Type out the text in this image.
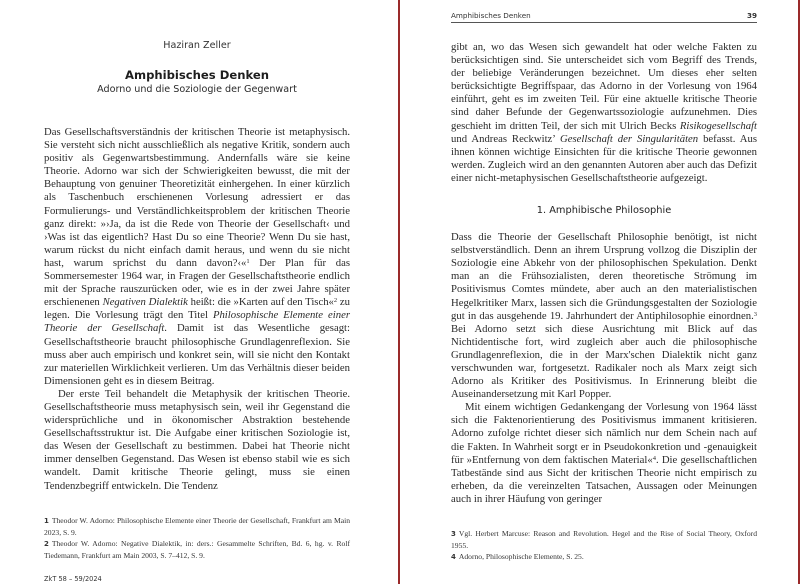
Haziran Zeller
Amphibisches Denken
Adorno und die Soziologie der Gegenwart

Das Gesellschaftsverständnis der kritischen Theorie ist metaphysisch. Sie versteht sich nicht ausschließlich als negative Kritik, sondern auch positiv als Gegenwartsbestimmung. Andernfalls wäre sie keine Theorie. Adorno war sich der Schwierigkeiten bewusst, die mit der Behauptung von genuiner Theoretizität einhergehen. In einer kürzlich als Taschenbuch erschienenen Vorlesung adressiert er das Formulierungs- und Verständlichkeitsproblem der kritischen Theorie ganz direkt: »›Ja, da ist die Rede von Theorie der Gesellschaft‹ und ›Was ist das eigentlich? Hast Du so eine Theorie? Wenn Du sie hast, warum rückst du nicht einfach damit heraus, und wenn du sie nicht hast, warum sprichst du dann davon?‹«$^1$ Der Plan für das Sommersemester 1964 war, in Fragen der Gesellschaftstheorie endlich mit der Sprache rauszurücken oder, wie es in der zwei Jahre später erschienenen Negativen Dialektik heißt: die »Karten auf den Tisch«$^2$ zu legen. Die Vorlesung trägt den Titel Philosophische Elemente einer Theorie der Gesellschaft. Damit ist das Wesentliche gesagt: Gesellschaftstheorie braucht philosophische Grundlagenreflexion. Sie muss aber auch empirisch und konkret sein, will sie nicht den Kontakt zur materiellen Wirklichkeit verlieren. Um das Verhältnis dieser beiden Dimensionen geht es in diesem Beitrag.

Der erste Teil behandelt die Metaphysik der kritischen Theorie. Gesellschaftstheorie muss metaphysisch sein, weil ihr Gegenstand die widersprüchliche und in ökonomischer Abstraktion bestehende Gesellschaftsstruktur ist. Die Aufgabe einer kritischen Soziologie ist, das Wesen der Gesellschaft zu bestimmen. Dabei hat Theorie nicht immer denselben Gegenstand. Das Wesen ist ebenso stabil wie es sich wandelt. Damit kritische Theorie gelingt, muss sie einen Tendenzbegriff entwickeln. Die Tendenz

1 Theodor W. Adorno: Philosophische Elemente einer Theorie der Gesellschaft, Frankfurt am Main 2023, S. 9.

2 Theodor W. Adorno: Negative Dialektik, in: ders.: Gesammelte Schriften, Bd. 6, hg. v. Rolf Tiedemann, Frankfurt am Main 2003, S. 7–412, S. 9.

ZkT 58 – 59/2024
Amphibisches Denken	39

gibt an, wo das Wesen sich gewandelt hat oder welche Fakten zu berücksichtigen sind. Sie unterscheidet sich vom Begriff des Trends, der beliebige Veränderungen bezeichnet. Um dieses eher selten berücksichtigte Begriffspaar, das Adorno in der Vorlesung von 1964 einführt, geht es im zweiten Teil. Für eine aktuelle kritische Theorie sind daher Befunde der Gegenwartssoziologie aufzunehmen. Dies geschieht im dritten Teil, der sich mit Ulrich Becks Risikogesellschaft und Andreas Reckwitz’ Gesellschaft der Singularitäten befasst. Aus ihnen können wichtige Einsichten für die kritische Theorie gewonnen werden. Zugleich wird an den genannten Autoren aber auch das Defizit einer nicht-metaphysischen Gesellschaftstheorie aufgezeigt.

1. Amphibische Philosophie

Dass die Theorie der Gesellschaft Philosophie benötigt, ist nicht selbstverständlich. Denn an ihrem Ursprung vollzog die Disziplin der Soziologie eine Abkehr von der philosophischen Spekulation. Denkt man an die Frühsozialisten, deren theoretische Strömung im Positivismus Comtes mündete, aber auch an den materialistischen Hegelkritiker Marx, lassen sich die Gründungsgestalten der Soziologie gut in das ausgehende 19. Jahrhundert der Antiphilosophie einordnen.$^3$ Bei Adorno setzt sich diese Ausrichtung mit Blick auf das Nichtidentische fort, wird zugleich aber auch die philosophische Grundlagenreflexion, die in der Marx'schen Dialektik nicht ganz verschwunden war, fortgesetzt. Radikaler noch als Marx zeigt sich Adorno als Kritiker des Positivismus. In Erinnerung bleibt die Auseinandersetzung mit Karl Popper.

Mit einem wichtigen Gedankengang der Vorlesung von 1964 lässt sich die Faktenorientierung des Positivismus immanent kritisieren. Adorno zufolge richtet dieser sich nämlich nur dem Schein nach auf die Fakten. In Wahrheit sorgt er in Pseudokonkretion und -genauigkeit für »Entfernung von dem faktischen Material«$^4$. Die gesellschaftlichen Tatbestände sind aus Sicht der kritischen Theorie nicht empirisch zu erheben, da die vereinzelten Tatsachen, Aussagen oder Meinungen auch in ihrer Häufung von geringer

3 Vgl. Herbert Marcuse: Reason and Revolution. Hegel and the Rise of Social Theory, Oxford 1955.

4 Adorno, Philosophische Elemente, S. 25.
